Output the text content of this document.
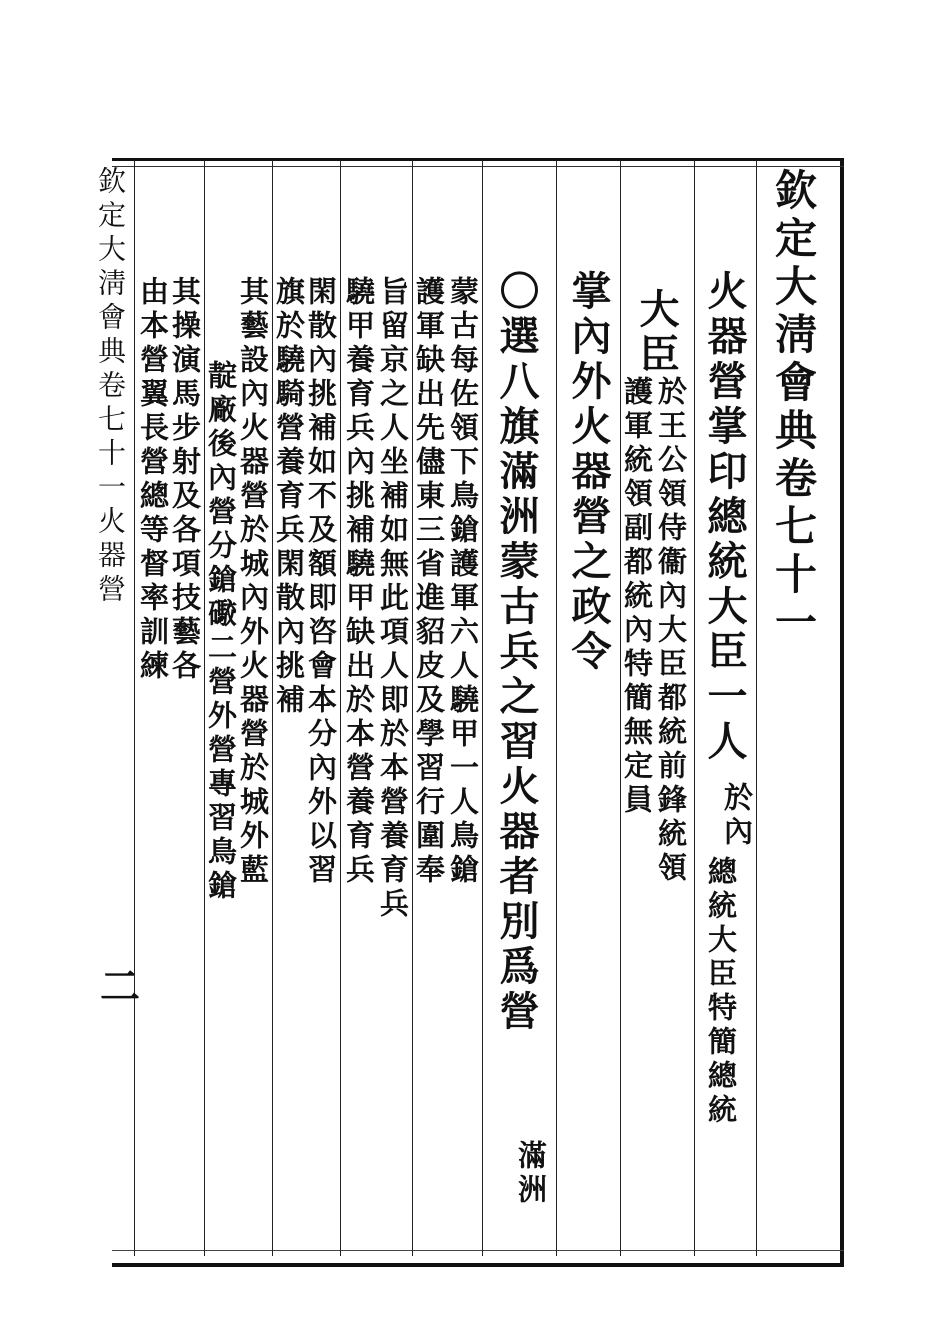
欽定大淸會典卷七十一
火器營掌印總統大臣一人
於內
總統大臣特簡總統
大臣
於王公領侍衞內大臣都統前鋒統領
護軍統領副都統內特簡無定員
掌內外火器營之政令
〇選八旗滿洲蒙古兵之習火器者別爲營
滿洲
蒙古每佐領下鳥鎗護軍六人驍甲一人鳥鎗
護軍缺出先儘東三省進貂皮及學習行圍奉
旨留京之人坐補如無此項人即於本營養育兵
驍甲養育兵內挑補驍甲缺出於本營養育兵
閑散內挑補如不及額即咨會本分內外以習
旗於驍騎營養育兵閑散內挑補
其藝設內火器營於城內外火器營於城外藍
靛廠後內營分鎗礮二營外營專習鳥鎗
其操演馬步射及各項技藝各
由本營翼長營總等督率訓練
欽定大淸會典卷七十一火器營
二
